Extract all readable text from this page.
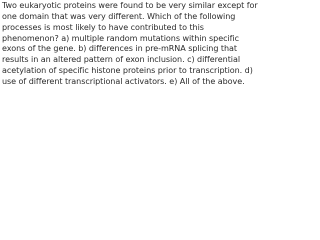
Two eukaryotic proteins were found to be very similar except for
one domain that was very different. Which of the following
processes is most likely to have contributed to this
phenomenon? a) multiple random mutations within specific
exons of the gene. b) differences in pre-mRNA splicing that
results in an altered pattern of exon inclusion. c) differential
acetylation of specific histone proteins prior to transcription. d)
use of different transcriptional activators. e) All of the above.
